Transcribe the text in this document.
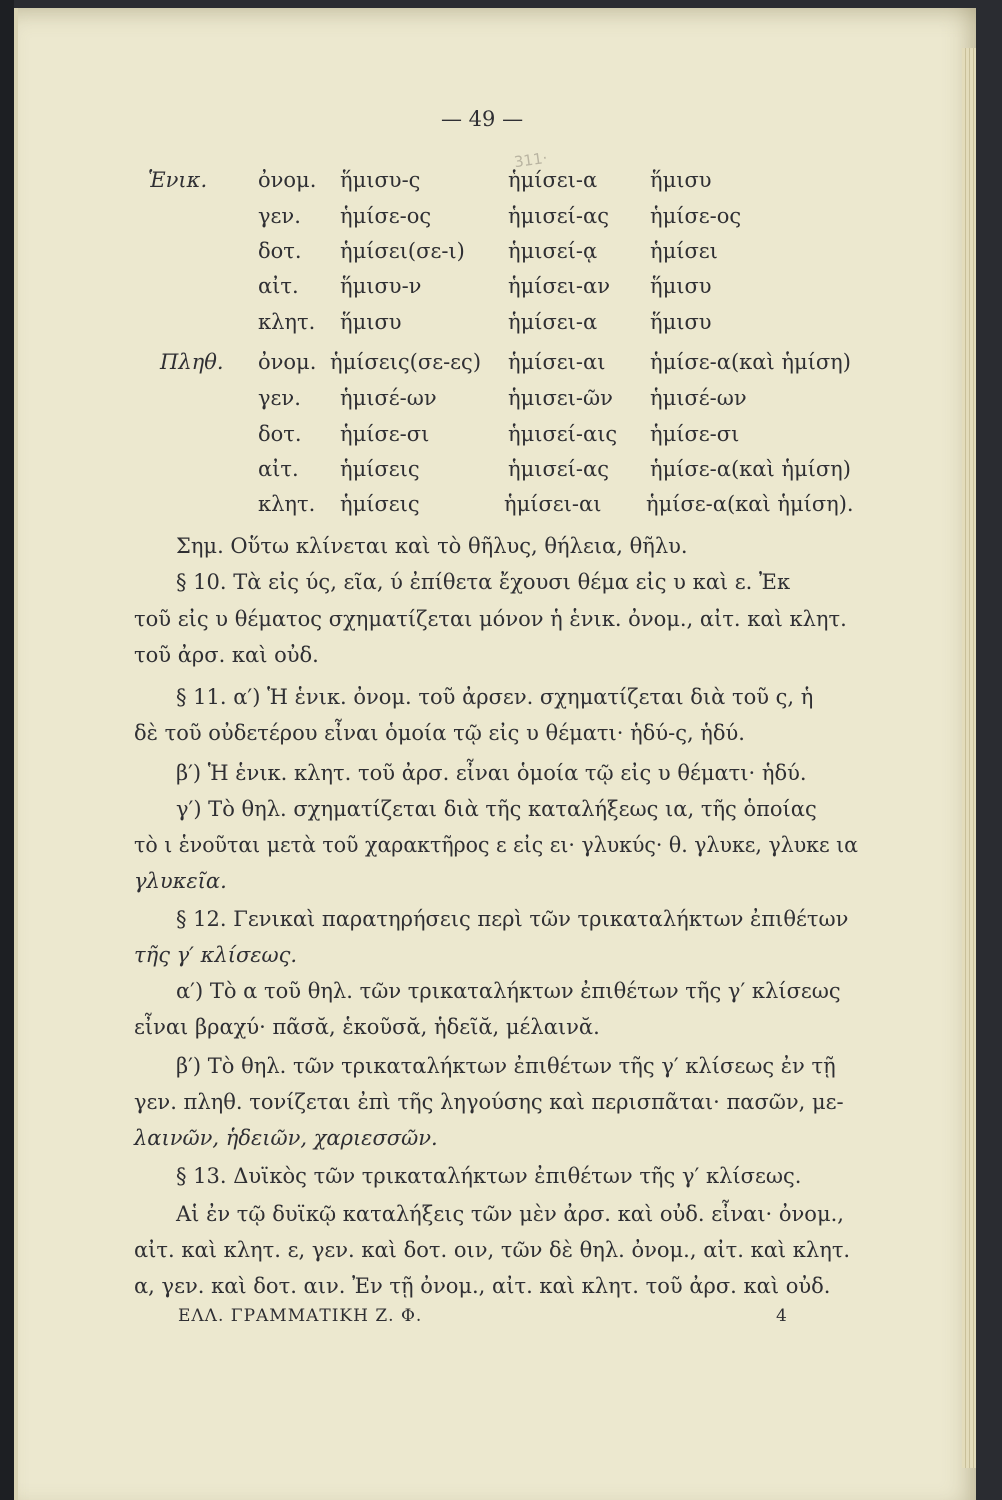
— 49 —
311·
Ἑνικ.
Πληθ.
ὀνομ. ἥμισυ-ς	ἡμίσει-α	ἥμισυ
γεν. ἡμίσε-ος	ἡμισεί-ας ἡμίσε-ος
δοτ. ἡμίσει(σε-ι) ἡμισεί-ᾳ	ἡμίσει
αἰτ. ἥμισυ-ν	ἡμίσει-αν ἥμισυ
κλητ. ἥμισυ	ἡμίσει-α	ἥμισυ
ὀνομ. ἡμίσεις(σε-ες) ἡμίσει-αι ἡμίσε-α(καὶ ἡμίση)
γεν. ἡμισέ-ων	ἡμισει-ῶν ἡμισέ-ων
δοτ. ἡμίσε-σι	ἡμισεί-αις ἡμίσε-σι
αἰτ. ἡμίσεις	ἡμισεί-ας ἡμίσε-α(καὶ ἡμίση)
κλητ. ἡμίσεις	ἡμίσει-αι ἡμίσε-α(καὶ ἡμίση).
Σημ. Οὕτω κλίνεται καὶ τὸ θῆλυς, θήλεια, θῆλυ.
§ 10. Τὰ εἰς ύς, εῖα, ύ ἐπίθετα ἔχουσι θέμα εἰς υ καὶ ε. Ἐκ
τοῦ εἰς υ θέματος σχηματίζεται μόνον ἡ ἑνικ. ὀνομ., αἰτ. καὶ κλητ.
τοῦ ἀρσ. καὶ οὐδ.
§ 11. α′) Ἡ ἑνικ. ὀνομ. τοῦ ἀρσεν. σχηματίζεται διὰ τοῦ ς, ἡ
δὲ τοῦ οὐδετέρου εἶναι ὁμοία τῷ εἰς υ θέματι· ἡδύ-ς, ἡδύ.
β′) Ἡ ἑνικ. κλητ. τοῦ ἀρσ. εἶναι ὁμοία τῷ εἰς υ θέματι· ἡδύ.
γ′) Τὸ θηλ. σχηματίζεται διὰ τῆς καταλήξεως ια, τῆς ὁποίας
τὸ ι ἑνοῦται μετὰ τοῦ χαρακτῆρος ε εἰς ει· γλυκύς· θ. γλυκε, γλυκε ια
γλυκεῖα.
§ 12. Γενικαὶ παρατηρήσεις περὶ τῶν τρικαταλήκτων ἐπιθέτων
τῆς γ′ κλίσεως.
α′) Τὸ α τοῦ θηλ. τῶν τρικαταλήκτων ἐπιθέτων τῆς γ′ κλίσεως
εἶναι βραχύ· πᾶσᾰ, ἑκοῦσᾰ, ἡδεῖᾰ, μέλαινᾰ.
β′) Τὸ θηλ. τῶν τρικαταλήκτων ἐπιθέτων τῆς γ′ κλίσεως ἐν τῇ
γεν. πληθ. τονίζεται ἐπὶ τῆς ληγούσης καὶ περισπᾶται· πασῶν, με-
λαινῶν, ἡδειῶν, χαριεσσῶν.
§ 13. Δυϊκὸς τῶν τρικαταλήκτων ἐπιθέτων τῆς γ′ κλίσεως.
Αἱ ἐν τῷ δυϊκῷ καταλήξεις τῶν μὲν ἀρσ. καὶ οὐδ. εἶναι· ὀνομ.,
αἰτ. καὶ κλητ. ε, γεν. καὶ δοτ. οιν, τῶν δὲ θηλ. ὀνομ., αἰτ. καὶ κλητ.
α, γεν. καὶ δοτ. αιν. Ἐν τῇ ὀνομ., αἰτ. καὶ κλητ. τοῦ ἀρσ. καὶ οὐδ.
ΕΛΛ. ΓΡΑΜΜΑΤΙΚΗ Ζ. Φ.	4
